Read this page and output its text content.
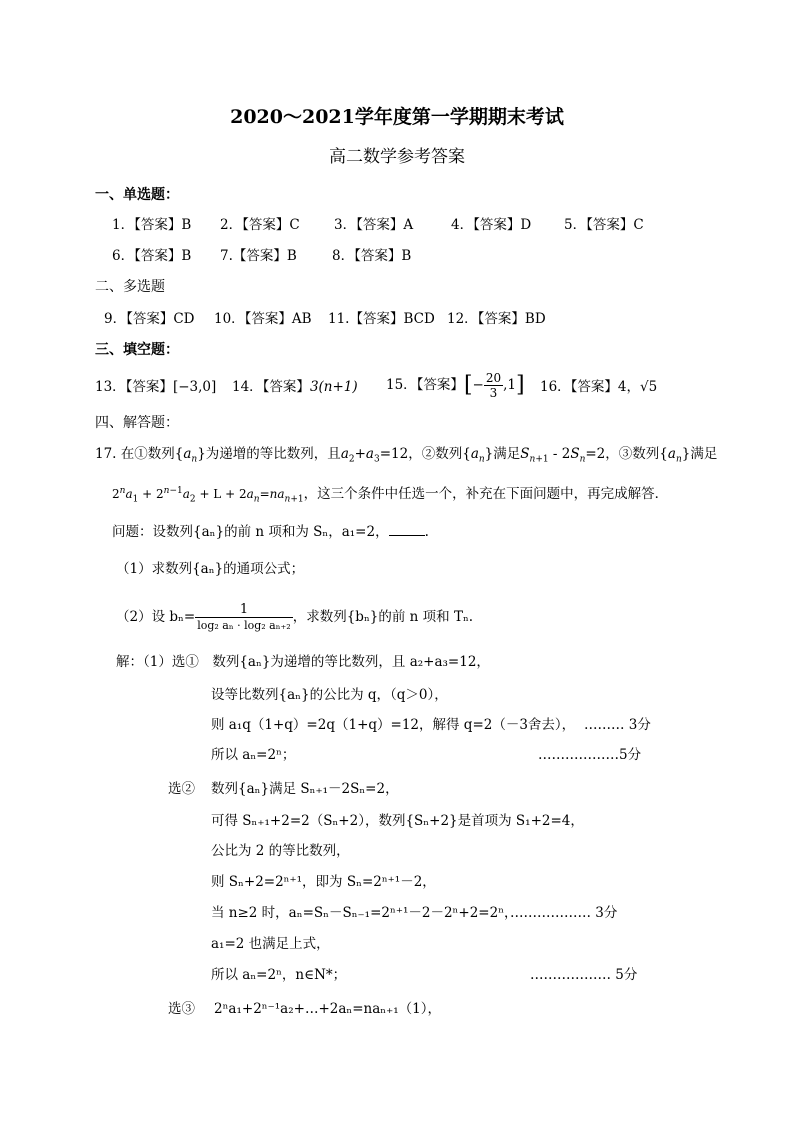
2020～2021学年度第一学期期末考试
高二数学参考答案
一、单选题：
1．【答案】B 2．【答案】C	3．【答案】A	4．【答案】D 5．【答案】C
6．【答案】B 7.【答案】B	8．【答案】B
二、多选题
9．【答案】CD 10．【答案】AB 11.【答案】BCD 12．【答案】BD
三、填空题：
13．【答案】[−3,0] 14．【答案】3(n+1) 15．【答案】[− $\frac{20}{3} ,1$] 16．【答案】4，√5
四、解答题：
17. 在①数列$\{a_n\}$为递增的等比数列，且$a_2+a_3=12$，②数列$\{a_n\}$满足$S_{n+1} - 2S_n=2$，③数列$\{a_n\}$满足
$2^na_1 + 2^{n-1}a_2 + L + 2a_n=na_{n+1}$，这三个条件中任选一个，补充在下面问题中，再完成解答．
问题：设数列{aₙ}的前 n 项和为 Sₙ，a₁=2，	.
（1）求数列{aₙ}的通项公式；
（2）设 $b_n= \frac{1}{\text{log₂ aₙ · log₂ aₙ₊₂}}$ ，求数列{bₙ}的前 n 项和 Tₙ.
解：（1）选①　数列{aₙ}为递增的等比数列，且 a₂+a₃=12，
设等比数列{aₙ}的公比为 q，（q＞0），
则 a₁q（1+q）=2q（1+q）=12，解得 q=2（－3舍去）， ……… 3分
所以 aₙ=2ⁿ；	………………5分
选② 数列{aₙ}满足 Sₙ₊₁－2Sₙ=2，
可得 Sₙ₊₁+2=2（Sₙ+2），数列{Sₙ+2}是首项为 S₁+2=4，
公比为 2 的等比数列，
则 Sₙ+2=2ⁿ⁺¹，即为 Sₙ=2ⁿ⁺¹－2，
当 n≥2 时，aₙ=Sₙ－Sₙ₋₁=2ⁿ⁺¹－2－2ⁿ+2=2ⁿ，
……………… 3分
a₁=2 也满足上式，
所以 aₙ=2ⁿ，n∈N*；	……………… 5分
选③ 2ⁿa₁+2ⁿ⁻¹a₂+…+2aₙ=naₙ₊₁（1），
